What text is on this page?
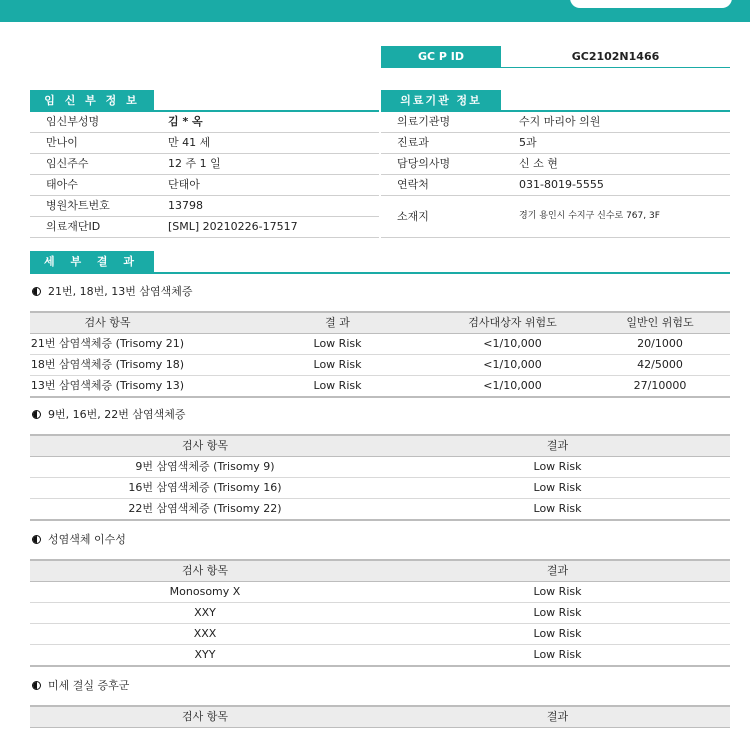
GC P ID	GC2102N1466
임 신 부 정 보
임신부성명	김 * 옥
만나이	만 41 세
임신주수	12 주 1 일
태아수	단태아
병원차트번호	13798
의료재단ID	[SML] 20210226-17517
의료기관 정보
의료기관명	수지 마리아 의원
진료과	5과
담당의사명	신 소 현
연락처	031-8019-5555
소재지	경기 용인시 수지구 신수로 767, 3F
세 부 결 과
21번, 18번, 13번 삼염색체증
검사 항목	결 과	검사대상자 위험도	일반인 위험도
21번 삼염색체증 (Trisomy 21)	Low Risk	<1/10,000	20/1000
18번 삼염색체증 (Trisomy 18)	Low Risk	<1/10,000	42/5000
13번 삼염색체증 (Trisomy 13)	Low Risk	<1/10,000	27/10000
9번, 16번, 22번 삼염색체증
검사 항목	결과
9번 삼염색체증 (Trisomy 9)	Low Risk
16번 삼염색체증 (Trisomy 16)	Low Risk
22번 삼염색체증 (Trisomy 22)	Low Risk
성염색체 이수성
검사 항목	결과
Monosomy X	Low Risk
XXY	Low Risk
XXX	Low Risk
XYY	Low Risk
미세 결실 증후군
검사 항목	결과
